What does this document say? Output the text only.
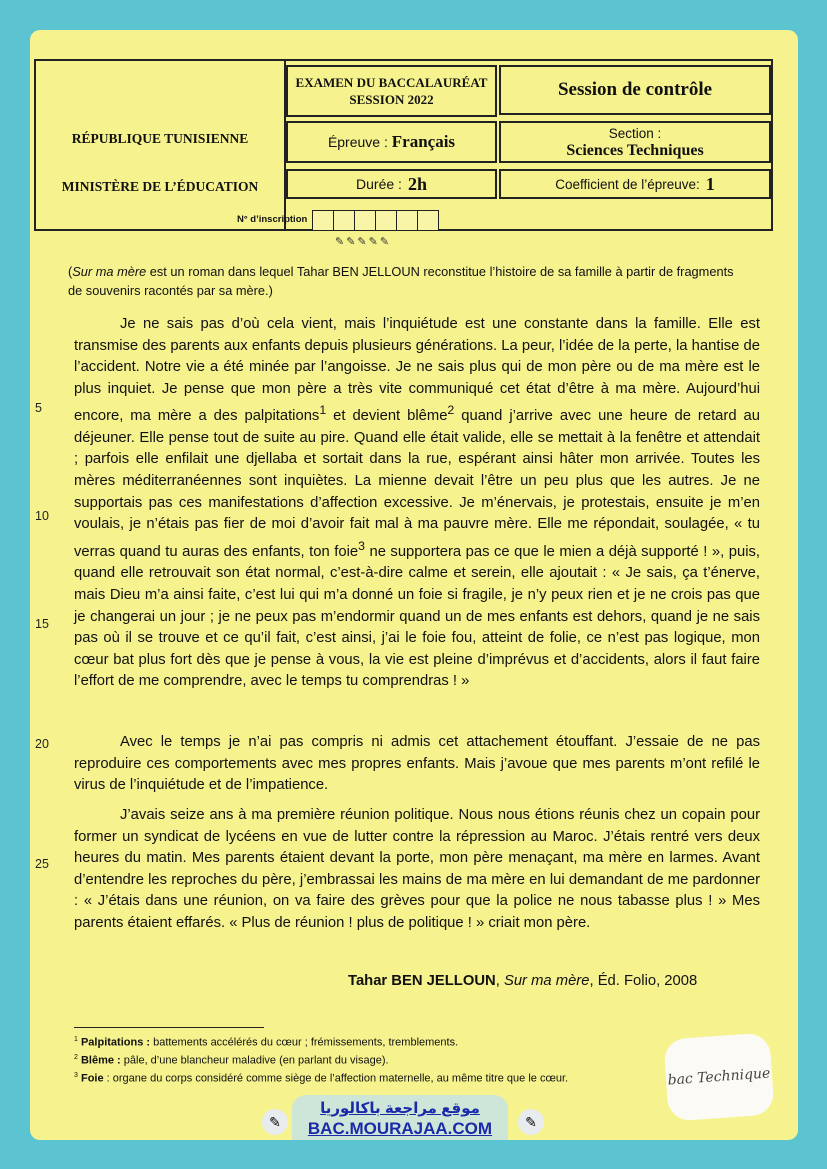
RÉPUBLIQUE TUNISIENNE
MINISTÈRE DE L’ÉDUCATION
EXAMEN DU BACCALAURÉAT
SESSION 2022	Session de contrôle
Épreuve : Français	Section :
Sciences Techniques
Durée : 2h	Coefficient de l’épreuve: 1
N° d’inscription
✎✎✎✎✎
(Sur ma mère est un roman dans lequel Tahar BEN JELLOUN reconstitue l’histoire de sa famille à partir de fragments de souvenirs racontés par sa mère.)

Je ne sais pas d’où cela vient, mais l’inquiétude est une constante dans la famille. Elle est transmise des parents aux enfants depuis plusieurs générations. La peur, l’idée de la perte, la hantise de l’accident. Notre vie a été minée par l’angoisse. Je ne sais plus qui de mon père ou de ma mère est le plus inquiet. Je pense que mon père a très vite communiqué cet état d’être à ma mère. Aujourd’hui encore, ma mère a des palpitations$^1$ et devient blême$^2$ quand j’arrive avec une heure de retard au déjeuner. Elle pense tout de suite au pire. Quand elle était valide, elle se mettait à la fenêtre et attendait ; parfois elle enfilait une djellaba et sortait dans la rue, espérant ainsi hâter mon arrivée. Toutes les mères méditerranéennes sont inquiètes. La mienne devait l’être un peu plus que les autres. Je ne supportais pas ces manifestations d’affection excessive. Je m’énervais, je protestais, ensuite je m’en voulais, je n’étais pas fier de moi d’avoir fait mal à ma pauvre mère. Elle me répondait, soulagée, « tu verras quand tu auras des enfants, ton foie$^3$ ne supportera pas ce que le mien a déjà supporté ! », puis, quand elle retrouvait son état normal, c’est-à-dire calme et serein, elle ajoutait : « Je sais, ça t’énerve, mais Dieu m’a ainsi faite, c’est lui qui m’a donné un foie si fragile, je n’y peux rien et je ne crois pas que je changerai un jour ; je ne peux pas m’endormir quand un de mes enfants est dehors, quand je ne sais pas où il se trouve et ce qu’il fait, c’est ainsi, j’ai le foie fou, atteint de folie, ce n’est pas logique, mon cœur bat plus fort dès que je pense à vous, la vie est pleine d’imprévus et d’accidents, alors il faut faire l’effort de me comprendre, avec le temps tu comprendras ! »

Avec le temps je n’ai pas compris ni admis cet attachement étouffant. J’essaie de ne pas reproduire ces comportements avec mes propres enfants. Mais j’avoue que mes parents m’ont refilé le virus de l’inquiétude et de l’impatience.

J’avais seize ans à ma première réunion politique. Nous nous étions réunis chez un copain pour former un syndicat de lycéens en vue de lutter contre la répression au Maroc. J’étais rentré vers deux heures du matin. Mes parents étaient devant la porte, mon père menaçant, ma mère en larmes. Avant d’entendre les reproches du père, j’embrassai les mains de ma mère en lui demandant de me pardonner : « J’étais dans une réunion, on va faire des grèves pour que la police ne nous tabasse plus ! » Mes parents étaient effarés. « Plus de réunion ! plus de politique ! » criait mon père.

5
10
15
20
25
Tahar BEN JELLOUN, Sur ma mère, Éd. Folio, 2008
$^1$ Palpitations : battements accélérés du cœur ; frémissements, tremblements.
$^2$ Blême : pâle, d’une blancheur maladive (en parlant du visage).
$^3$ Foie : organe du corps considéré comme siège de l’affection maternelle, au même titre que le cœur.
✎
موقع مراجعة باكالوريا
BAC.MOURAJAA.COM	✎
bac Technique
